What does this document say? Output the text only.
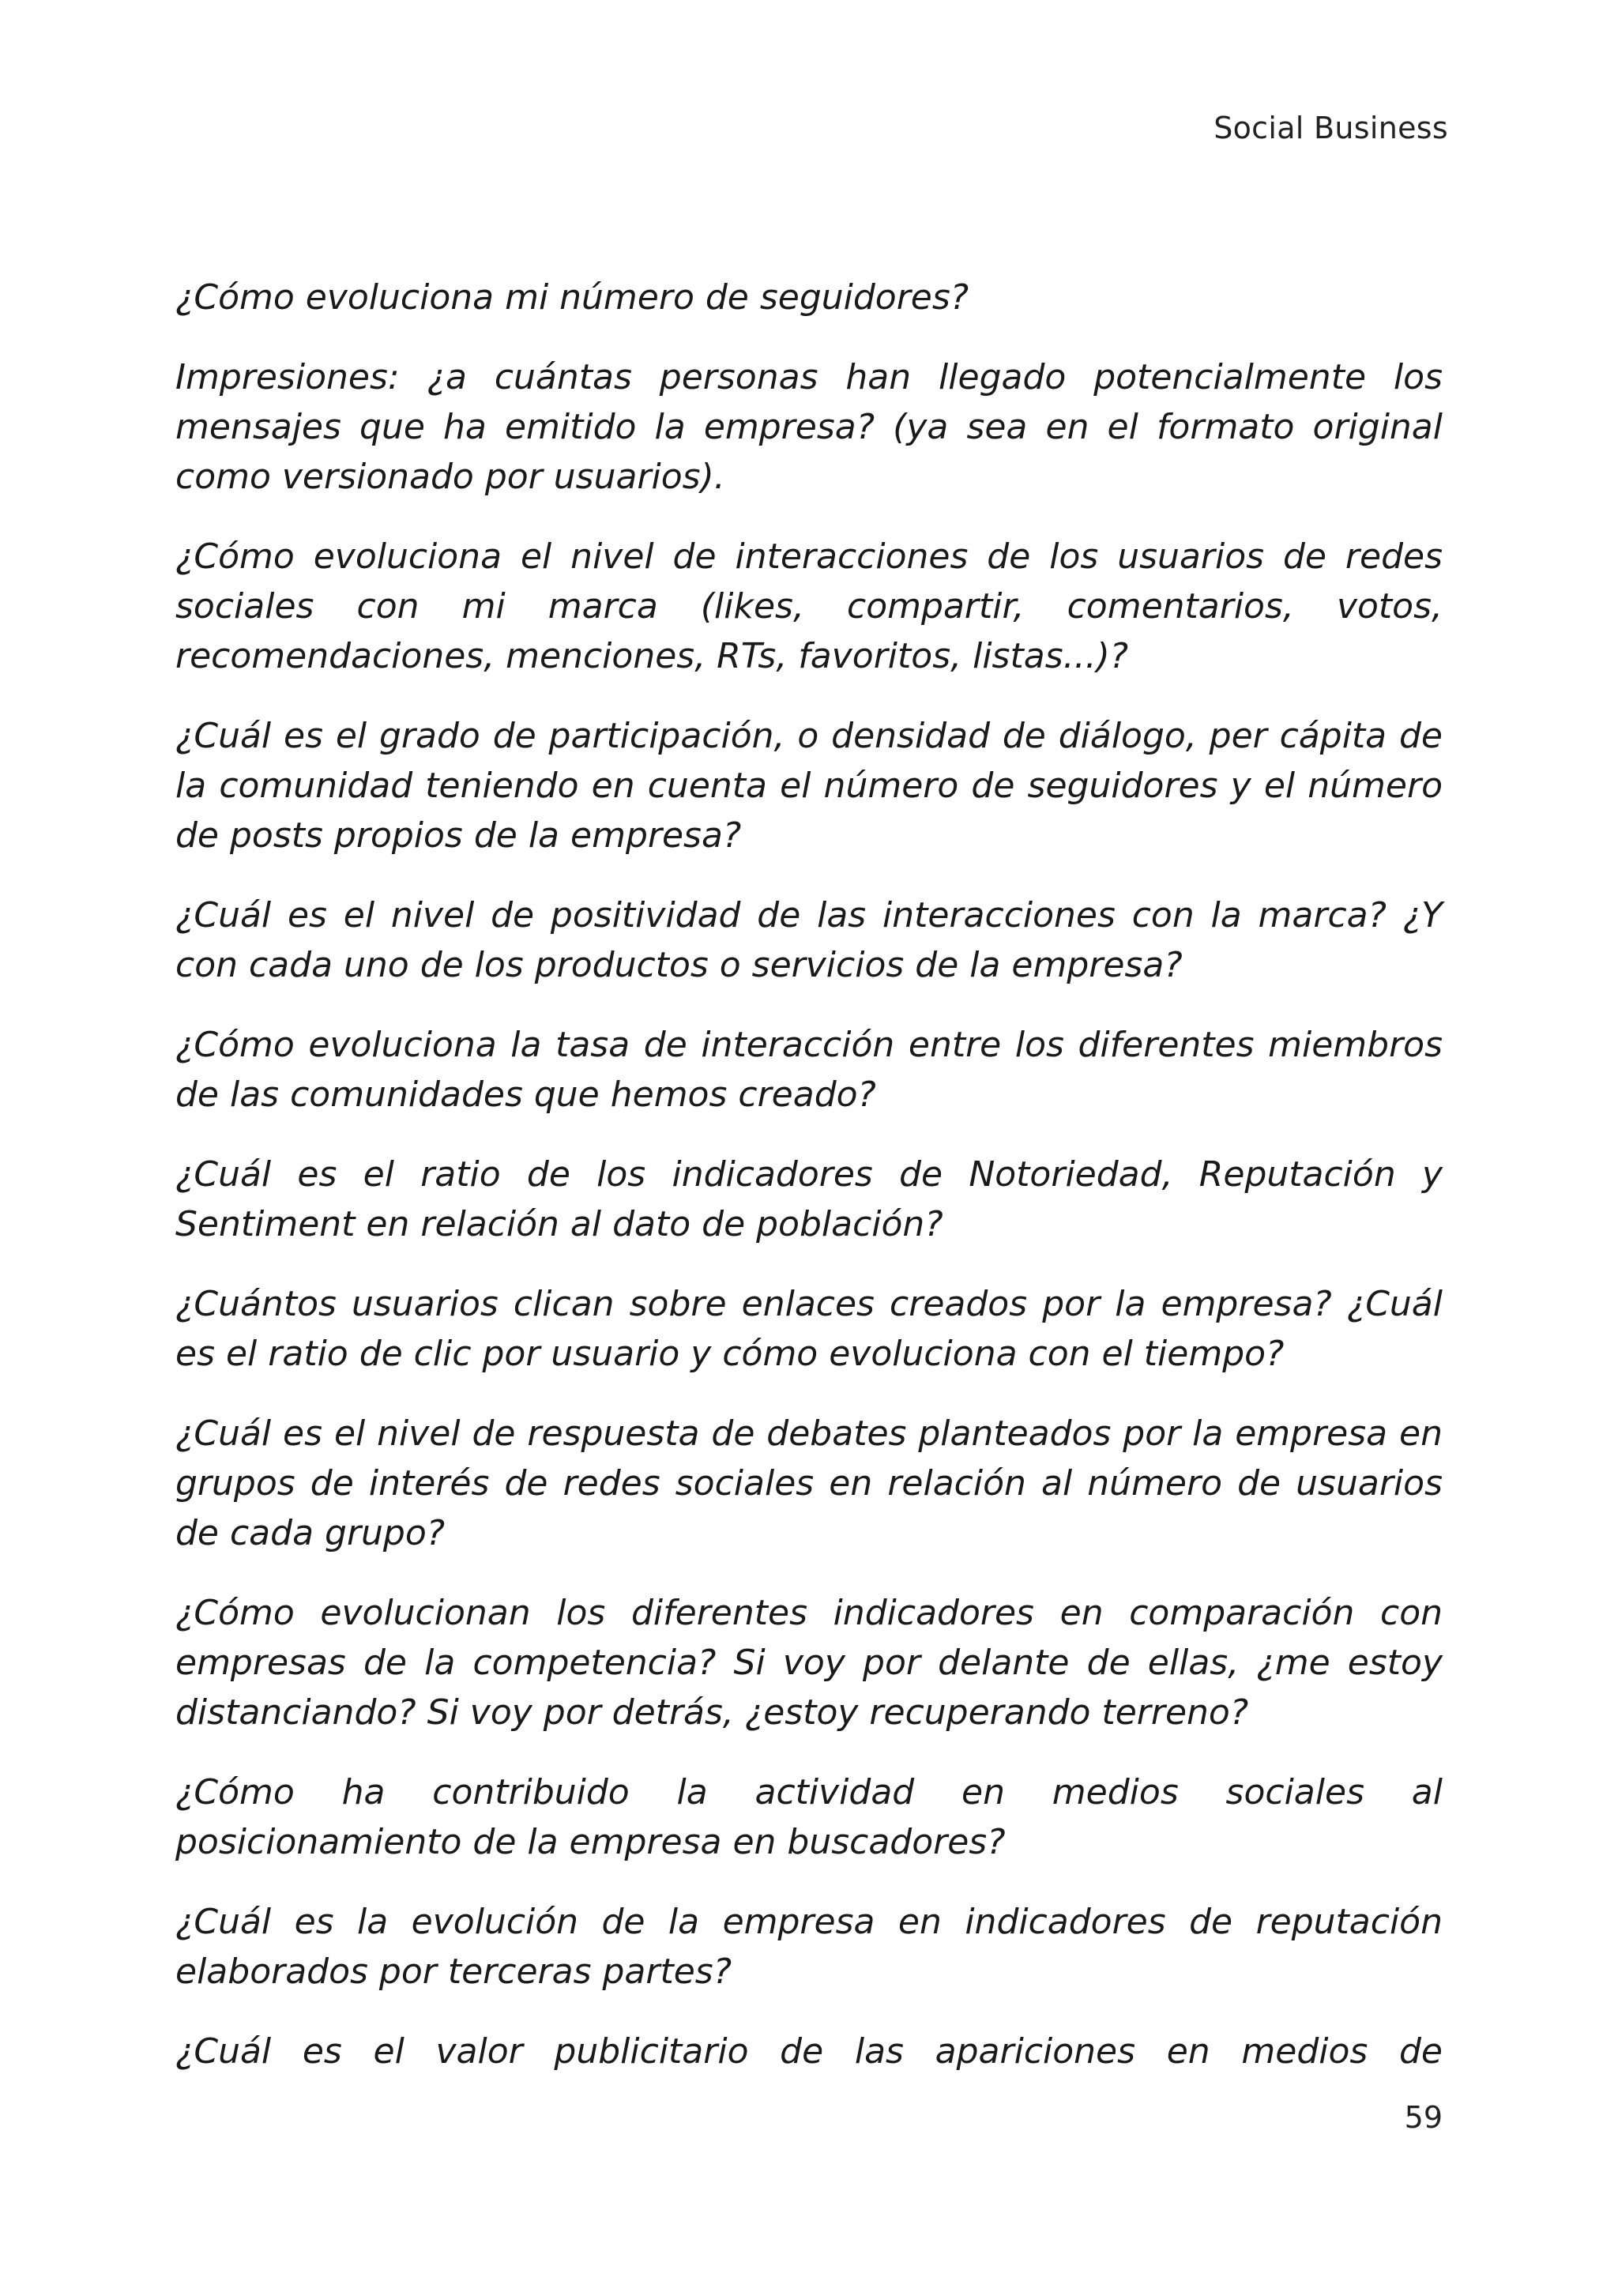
Social Business

¿Cómo evoluciona mi número de seguidores?

Impresiones: ¿a cuántas personas han llegado potencialmente los mensajes que ha emitido la empresa? (ya sea en el formato original como versionado por usuarios).

¿Cómo evoluciona el nivel de interacciones de los usuarios de redes sociales con mi marca (likes, compartir, comentarios, votos, recomendaciones, menciones, RTs, favoritos, listas...)?

¿Cuál es el grado de participación, o densidad de diálogo, per cápita de la comunidad teniendo en cuenta el número de seguidores y el número de posts propios de la empresa?

¿Cuál es el nivel de positividad de las interacciones con la marca? ¿Y con cada uno de los productos o servicios de la empresa?

¿Cómo evoluciona la tasa de interacción entre los diferentes miembros de las comunidades que hemos creado?

¿Cuál es el ratio de los indicadores de Notoriedad, Reputación y Sentiment en relación al dato de población?

¿Cuántos usuarios clican sobre enlaces creados por la empresa? ¿Cuál es el ratio de clic por usuario y cómo evoluciona con el tiempo?

¿Cuál es el nivel de respuesta de debates planteados por la empresa en grupos de interés de redes sociales en relación al número de usuarios de cada grupo?

¿Cómo evolucionan los diferentes indicadores en comparación con empresas de la competencia? Si voy por delante de ellas, ¿me estoy distanciando? Si voy por detrás, ¿estoy recuperando terreno?

¿Cómo ha contribuido la actividad en medios sociales al posicionamiento de la empresa en buscadores?

¿Cuál es la evolución de la empresa en indicadores de reputación elaborados por terceras partes?

¿Cuál es el valor publicitario de las apariciones en medios de

59
